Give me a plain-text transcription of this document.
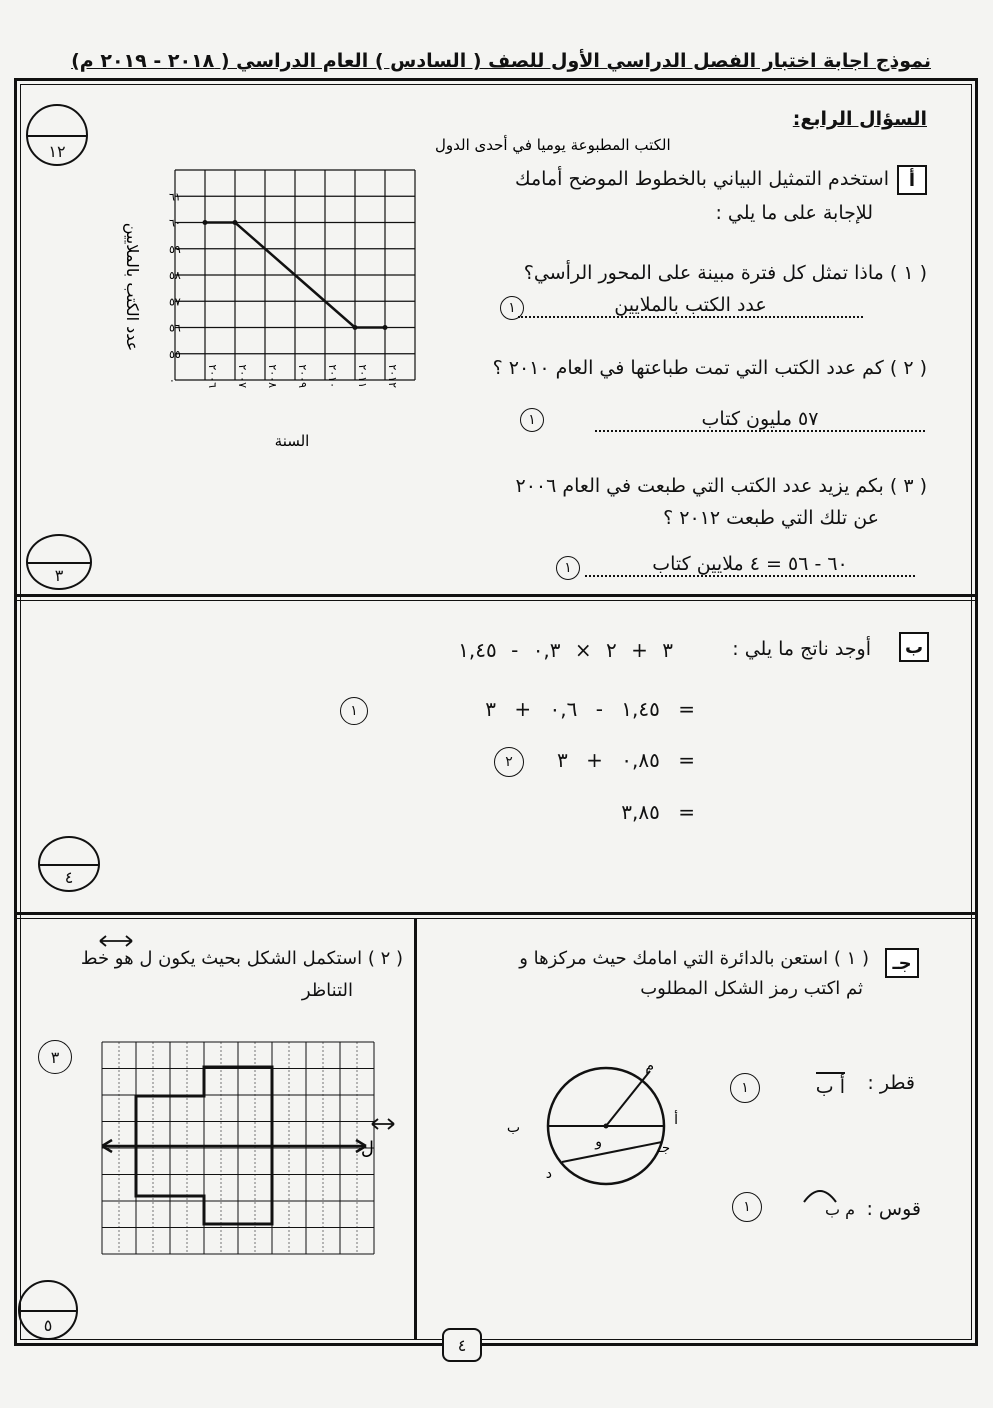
نموذج اجابة اختبار الفصل الدراسي الأول للصف ( السادس ) العام الدراسي ( ٢٠١٨ - ٢٠١٩ م)
السؤال الرابع:
أ
استخدم التمثيل البياني بالخطوط الموضح أمامك
للإجابة على ما يلي :
( ١ ) ماذا تمثل كل فترة مبينة على المحور الرأسي؟
عدد الكتب بالملايين
١
( ٢ ) كم عدد الكتب التي تمت طباعتها في العام ٢٠١٠ ؟
٥٧ مليون كتاب
١
( ٣ ) بكم يزيد عدد الكتب التي طبعت في العام ٢٠٠٦
عن تلك التي طبعت ٢٠١٢ ؟
٦٠ - ٥٦ = ٤ ملايين كتاب
١
١٢
٣
الكتب المطبوعة يوميا في أحدى الدول
٠
٥٥
٥٦
٥٧
٥٨
٥٩
٦٠
٦١
٢٠٠٦ ٢٠٠٧ ٢٠٠٨ ٢٠٠٩ ٢٠١٠ ٢٠١١ ٢٠١٢
السنة
عدد الكتب بالملايين
ب
أوجد ناتج ما يلي :
٣ + ٢ × ٠,٣ - ١,٤٥
= ١,٤٥ - ٠,٦ + ٣
١
= ٠,٨٥ + ٣
٢
= ٣,٨٥
٤
جـ
( ١ ) استعن بالدائرة التي امامك حيث مركزها و
ثم اكتب رمز الشكل المطلوب
قطر :
أ ب
١
قوس :
م ب
١
م
أ
ب
و	جـ
د
( ٢ ) استكمل الشكل بحيث يكون ل هو خط
التناظر
٣
ل
٥
٤
